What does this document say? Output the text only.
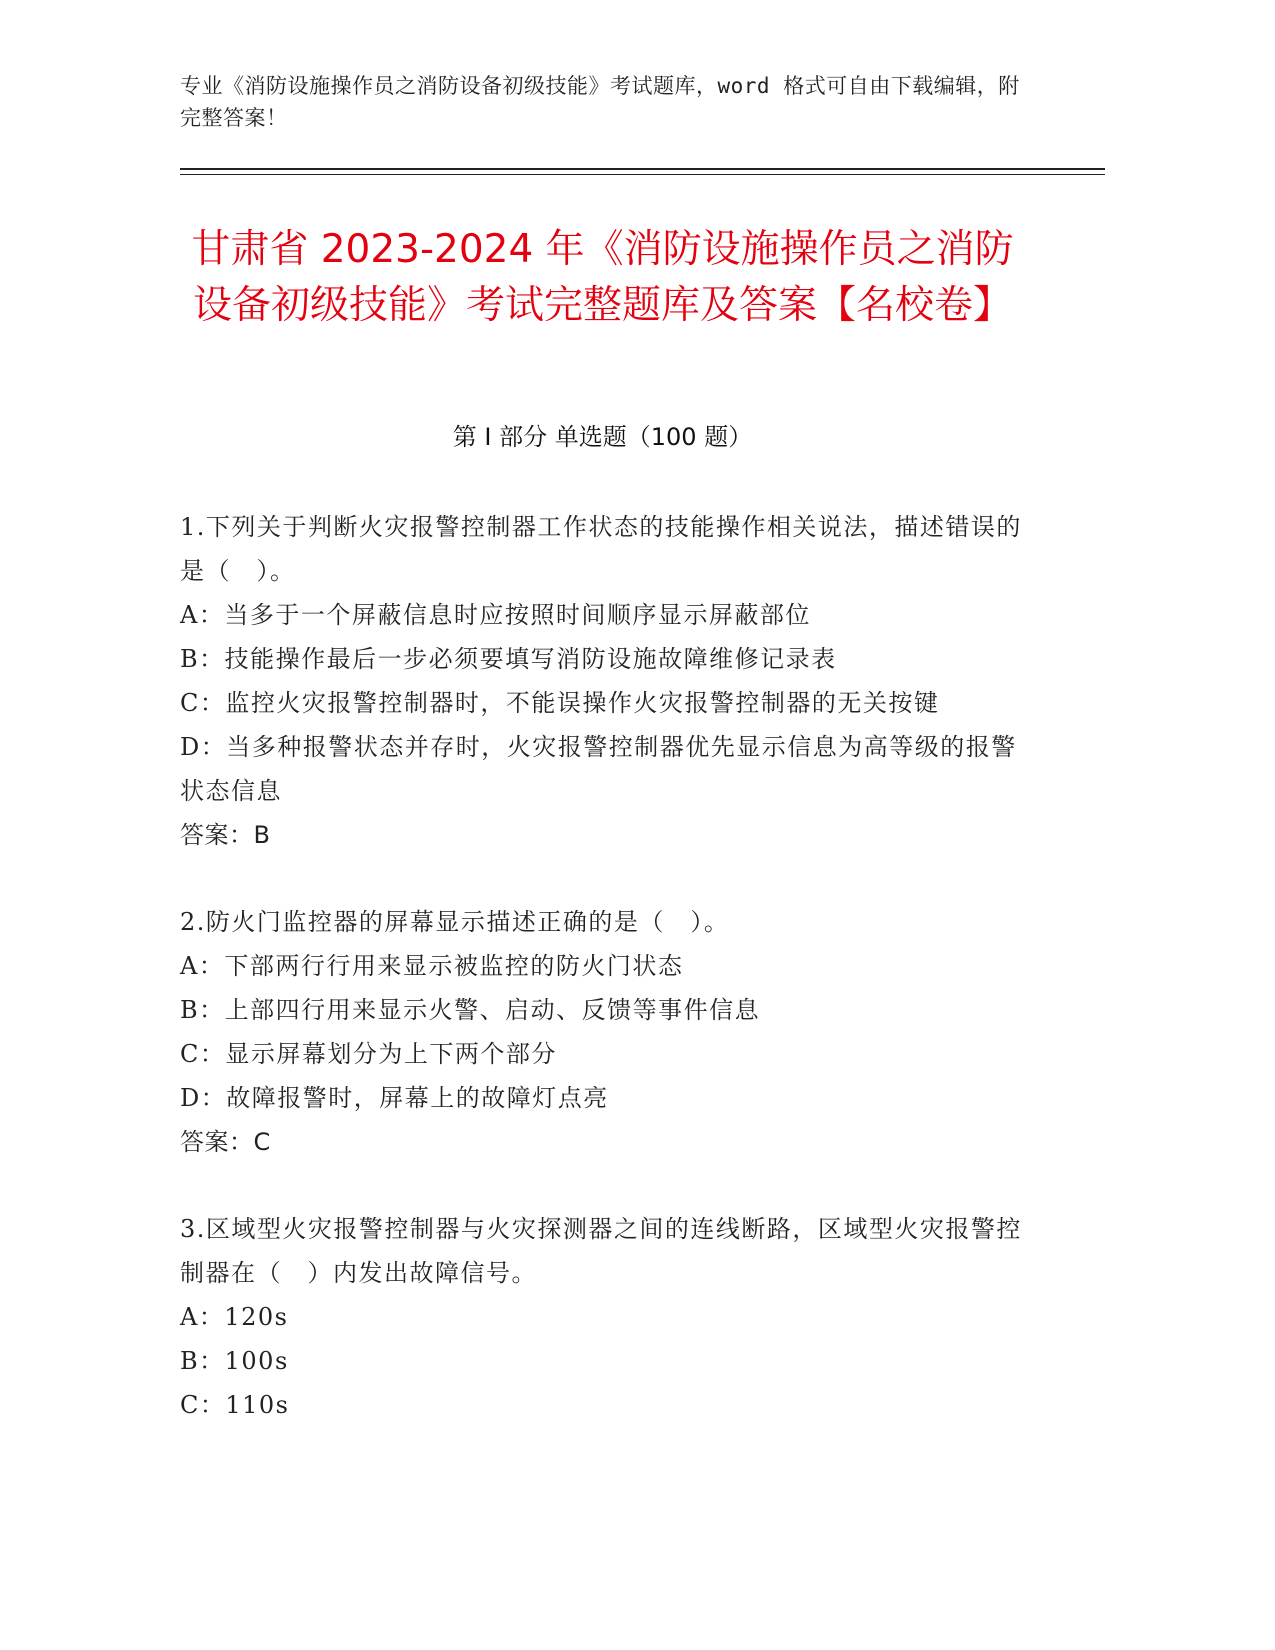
专业《消防设施操作员之消防设备初级技能》考试题库，word 格式可自由下载编辑，附完整答案！
甘肃省 2023-2024 年《消防设施操作员之消防设备初级技能》考试完整题库及答案【名校卷】
第 I 部分 单选题（100 题）
1.下列关于判断火灾报警控制器工作状态的技能操作相关说法，描述错误的是（　）。
A：当多于一个屏蔽信息时应按照时间顺序显示屏蔽部位
B：技能操作最后一步必须要填写消防设施故障维修记录表
C：监控火灾报警控制器时，不能误操作火灾报警控制器的无关按键
D：当多种报警状态并存时，火灾报警控制器优先显示信息为高等级的报警状态信息
答案：B
2.防火门监控器的屏幕显示描述正确的是（　）。
A：下部两行行用来显示被监控的防火门状态
B：上部四行用来显示火警、启动、反馈等事件信息
C：显示屏幕划分为上下两个部分
D：故障报警时，屏幕上的故障灯点亮
答案：C
3.区域型火灾报警控制器与火灾探测器之间的连线断路，区域型火灾报警控制器在（　）内发出故障信号。
A：120s
B：100s
C：110s
